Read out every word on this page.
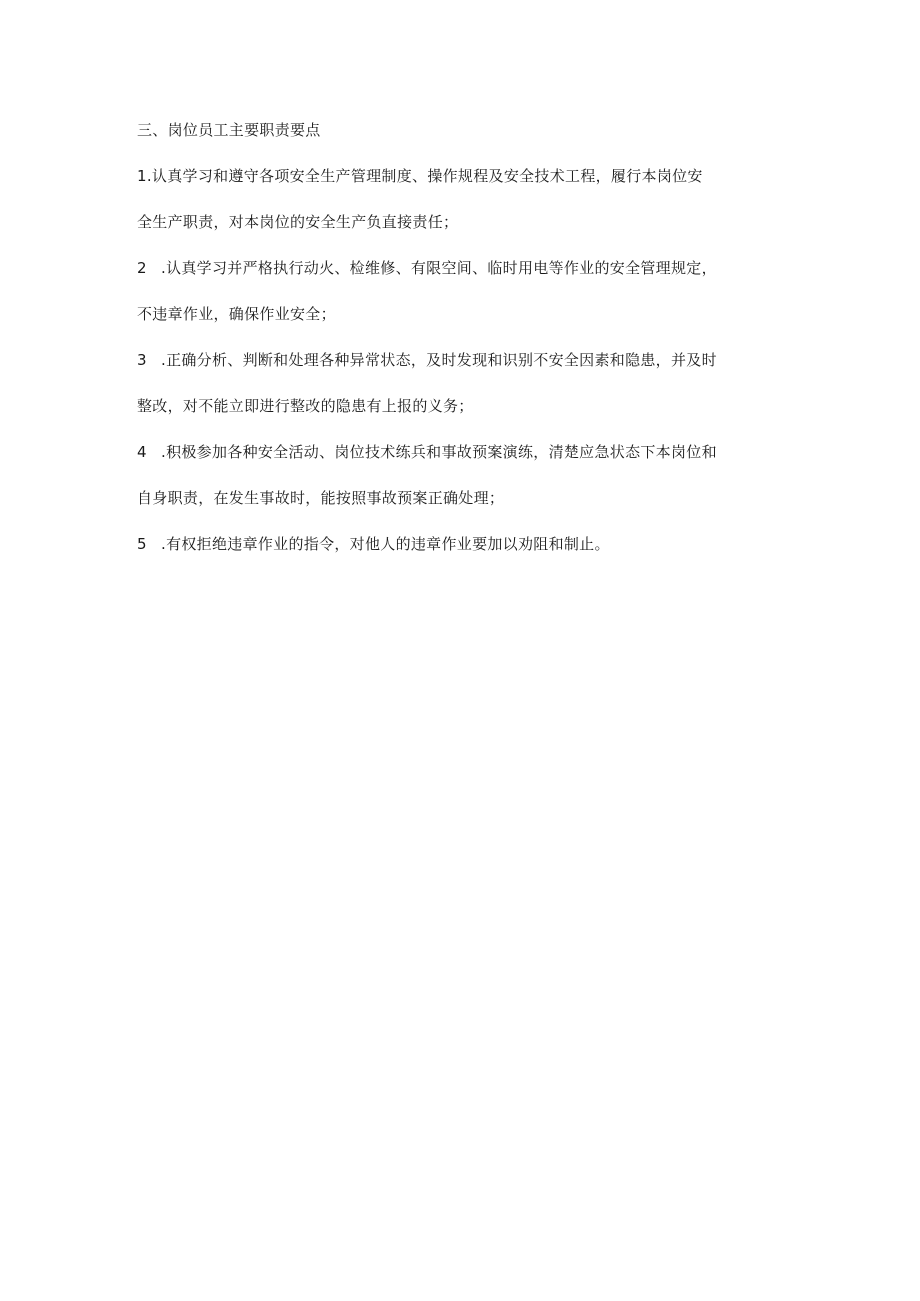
三、岗位员工主要职责要点
1.认真学习和遵守各项安全生产管理制度、操作规程及安全技术工程，履行本岗位安
全生产职责，对本岗位的安全生产负直接责任；
2 .认真学习并严格执行动火、检维修、有限空间、临时用电等作业的安全管理规定，
不违章作业，确保作业安全；
3 .正确分析、判断和处理各种异常状态，及时发现和识别不安全因素和隐患，并及时
整改，对不能立即进行整改的隐患有上报的义务；
4 .积极参加各种安全活动、岗位技术练兵和事故预案演练，清楚应急状态下本岗位和
自身职责，在发生事故时，能按照事故预案正确处理；
5 .有权拒绝违章作业的指令，对他人的违章作业要加以劝阻和制止。
